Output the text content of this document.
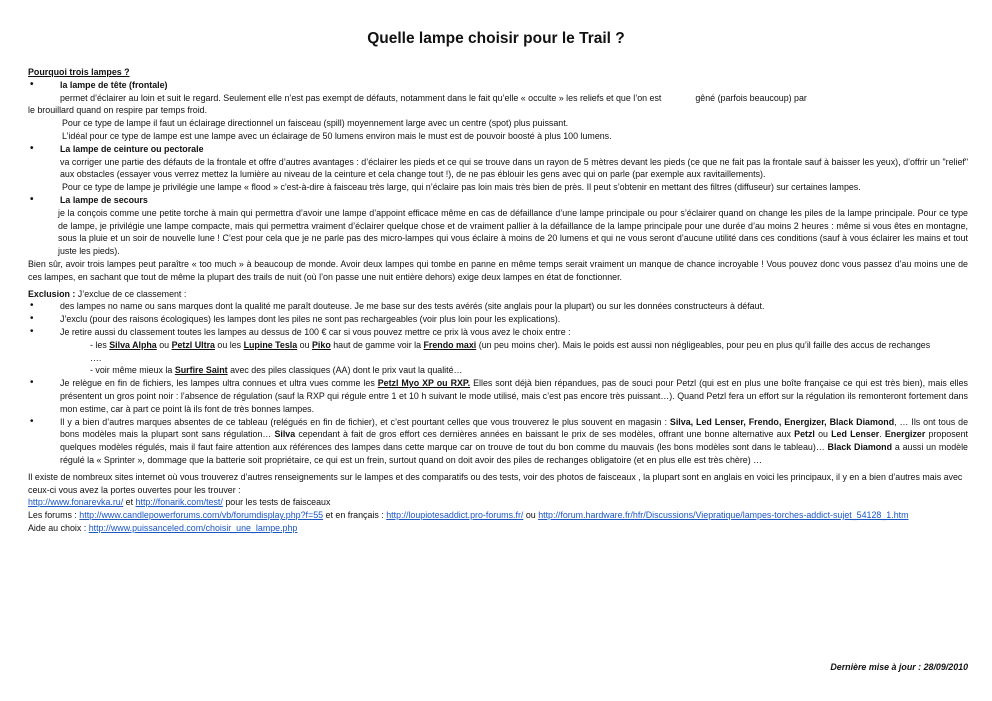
Quelle lampe choisir pour le Trail ?

Pourquoi trois lampes ?

• la lampe de tête (frontale)

permet d’éclairer au loin et suit le regard. Seulement elle n’est pas exempt de défauts, notamment dans le fait qu’elle « occulte » les reliefs et que l’on est	gêné (parfois beaucoup) par

le brouillard quand on respire par temps froid.

Pour ce type de lampe il faut un éclairage directionnel un faisceau (spill) moyennement large avec un centre (spot) plus puissant.

L’idéal pour ce type de lampe est une lampe avec un éclairage de 50 lumens environ mais le must est de pouvoir boosté à plus 100 lumens.

• La lampe de ceinture ou pectorale

va corriger une partie des défauts de la frontale et offre d’autres avantages : d’éclairer les pieds et ce qui se trouve dans un rayon de 5 mètres devant les pieds (ce que ne fait pas la frontale sauf à baisser les yeux), d’offrir un "relief" aux obstacles (essayer vous verrez mettez la lumière au niveau de la ceinture et cela change tout !), de ne pas éblouir les gens avec qui on parle (par exemple aux ravitaillements).

Pour ce type de lampe je privilégie une lampe « flood » c'est-à-dire à faisceau très large, qui n’éclaire pas loin mais très bien de près. Il peut s’obtenir en mettant des filtres (diffuseur) sur certaines lampes.

• La lampe de secours

je la conçois comme une petite torche à main qui permettra d’avoir une lampe d’appoint efficace même en cas de défaillance d’une lampe principale ou pour s’éclairer quand on change les piles de la lampe principale. Pour ce type de lampe, je privilégie une lampe compacte, mais qui permettra vraiment d’éclairer quelque chose et de vraiment pallier à la défaillance de la lampe principale pour une durée d’au moins 2 heures : même si vous êtes en montagne, sous la pluie et un soir de nouvelle lune ! C’est pour cela que je ne parle pas des micro-lampes qui vous éclaire à moins de 20 lumens et qui ne vous seront d’aucune utilité dans ces conditions (sauf à vous éclairer les mains et tout juste les pieds).

Bien sûr, avoir trois lampes peut paraître « too much » à beaucoup de monde. Avoir deux lampes qui tombe en panne en même temps serait vraiment un manque de chance incroyable ! Vous pouvez donc vous passez d’au moins une de ces lampes, en sachant que tout de même la plupart des trails de nuit (où l’on passe une nuit entière dehors) exige deux lampes en état de fonctionner.

Exclusion : J’exclue de ce classement :

• des lampes no name ou sans marques dont la qualité me paraît douteuse. Je me base sur des tests avérés (site anglais pour la plupart) ou sur les données constructeurs à défaut.

• J’exclu (pour des raisons écologiques) les lampes dont les piles ne sont pas rechargeables (voir plus loin pour les explications).

• Je retire aussi du classement toutes les lampes au dessus de 100 € car si vous pouvez mettre ce prix là vous avez le choix entre :

- les Silva Alpha ou Petzl Ultra ou les Lupine Tesla ou Piko haut de gamme voir la Frendo maxi (un peu moins cher). Mais le poids est aussi non négligeables, pour peu en plus qu’il faille des accus de rechanges ….

- voir même mieux la Surfire Saint avec des piles classiques (AA) dont le prix vaut la qualité…

• Je relègue en fin de fichiers, les lampes ultra connues et ultra vues comme les Petzl Myo XP ou RXP. Elles sont déjà bien répandues, pas de souci pour Petzl (qui est en plus une boîte française ce qui est très bien), mais elles présentent un gros point noir : l’absence de régulation (sauf la RXP qui régule entre 1 et 10 h suivant le mode utilisé, mais c’est pas encore très puissant…). Quand Petzl fera un effort sur la régulation ils remonteront fortement dans mon estime, car à part ce point là ils font de très bonnes lampes.

• Il y a bien d’autres marques absentes de ce tableau (relégués en fin de fichier), et c’est pourtant celles que vous trouverez le plus souvent en magasin : Silva, Led Lenser, Frendo, Energizer, Black Diamond, … Ils ont tous de bons modèles mais la plupart sont sans régulation… Silva cependant à fait de gros effort ces dernières années en baissant le prix de ses modèles, offrant une bonne alternative aux Petzl ou Led Lenser. Energizer proposent quelques modèles régulés, mais il faut faire attention aux références des lampes dans cette marque car on trouve de tout du bon comme du mauvais (les bons modèles sont dans le tableau)… Black Diamond a aussi un modèle régulé la « Sprinter », dommage que la batterie soit propriétaire, ce qui est un frein, surtout quand on doit avoir des piles de rechanges obligatoire (et en plus elle est très chère) …

Il existe de nombreux sites internet où vous trouverez d’autres renseignements sur le lampes et des comparatifs ou des tests, voir des photos de faisceaux , la plupart sont en anglais en voici les principaux, il y en a bien d’autres mais avec ceux-ci vous avez la portes ouvertes pour les trouver :

http://www.fonarevka.ru/ et http://fonarik.com/test/ pour les tests de faisceaux

Les forums : http://www.candlepowerforums.com/vb/forumdisplay.php?f=55 et en français : http://loupiotesaddict.pro-forums.fr/ ou http://forum.hardware.fr/hfr/Discussions/Viepratique/lampes-torches-addict-sujet_54128_1.htm

Aide au choix : http://www.puissanceled.com/choisir_une_lampe.php

Dernière mise à jour : 28/09/2010
